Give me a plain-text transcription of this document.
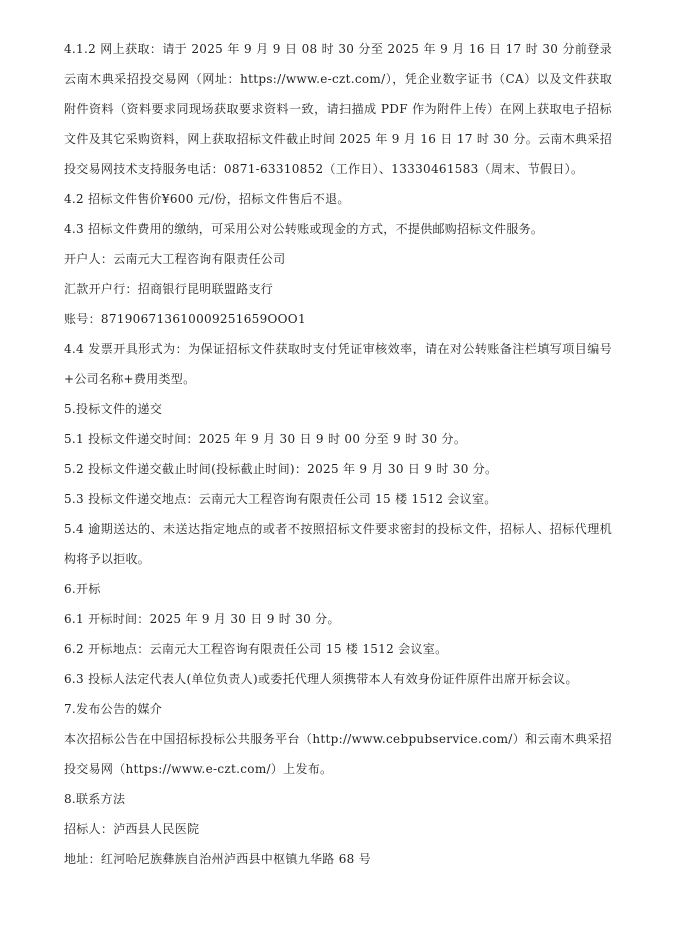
4.1.2 网上获取：请于 2025 年 9 月 9 日 08 时 30 分至 2025 年 9 月 16 日 17 时 30 分前登录云南木典采招投交易网（网址：https://www.e-czt.com/），凭企业数字证书（CA）以及文件获取附件资料（资料要求同现场获取要求资料一致，请扫描成 PDF 作为附件上传）在网上获取电子招标文件及其它采购资料，网上获取招标文件截止时间 2025 年 9 月 16 日 17 时 30 分。云南木典采招投交易网技术支持服务电话：0871-63310852（工作日）、13330461583（周末、节假日）。

4.2 招标文件售价¥600 元/份，招标文件售后不退。

4.3 招标文件费用的缴纳，可采用公对公转账或现金的方式，不提供邮购招标文件服务。

开户人：云南元大工程咨询有限责任公司

汇款开户行：招商银行昆明联盟路支行

账号：871906713610009251659OOO1

4.4 发票开具形式为：为保证招标文件获取时支付凭证审核效率，请在对公转账备注栏填写项目编号+公司名称+费用类型。

5.投标文件的递交

5.1 投标文件递交时间：2025 年 9 月 30 日 9 时 00 分至 9 时 30 分。

5.2 投标文件递交截止时间(投标截止时间)：2025 年 9 月 30 日 9 时 30 分。

5.3 投标文件递交地点：云南元大工程咨询有限责任公司 15 楼 1512 会议室。

5.4 逾期送达的、未送达指定地点的或者不按照招标文件要求密封的投标文件，招标人、招标代理机构将予以拒收。

6.开标

6.1 开标时间：2025 年 9 月 30 日 9 时 30 分。

6.2 开标地点：云南元大工程咨询有限责任公司 15 楼 1512 会议室。

6.3 投标人法定代表人(单位负责人)或委托代理人须携带本人有效身份证件原件出席开标会议。

7.发布公告的媒介

本次招标公告在中国招标投标公共服务平台（http://www.cebpubservice.com/）和云南木典采招投交易网（https://www.e-czt.com/）上发布。

8.联系方法

招标人：泸西县人民医院

地址：红河哈尼族彝族自治州泸西县中枢镇九华路 68 号
